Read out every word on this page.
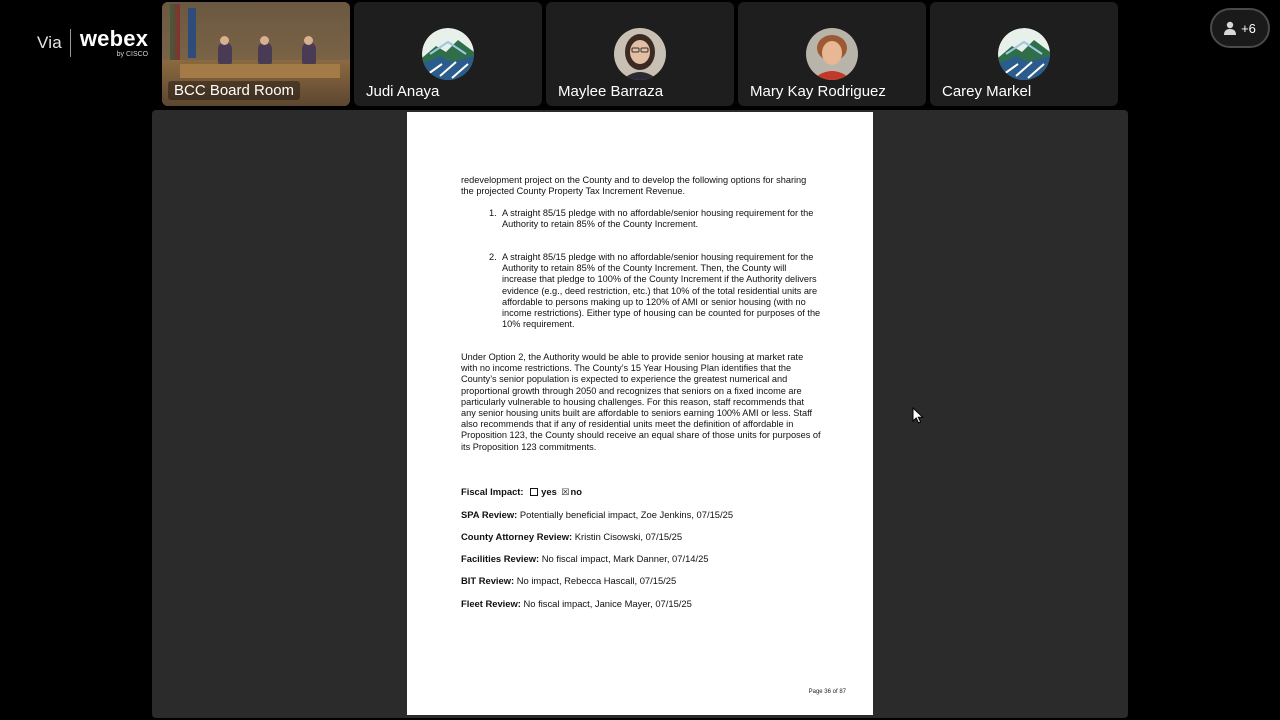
Via webex
by CISCO
BCC Board Room	Judi Anaya	Maylee Barraza	Mary Kay Rodriguez	Carey Markel
+6

redevelopment project on the County and to develop the following options for sharing the projected County Property Tax Increment Revenue.

1. A straight 85/15 pledge with no affordable/senior housing requirement for the Authority to retain 85% of the County Increment.

2. A straight 85/15 pledge with no affordable/senior housing requirement for the Authority to retain 85% of the County Increment. Then, the County will increase that pledge to 100% of the County Increment if the Authority delivers evidence (e.g., deed restriction, etc.) that 10% of the total residential units are affordable to persons making up to 120% of AMI or senior housing (with no income restrictions). Either type of housing can be counted for purposes of the 10% requirement.

Under Option 2, the Authority would be able to provide senior housing at market rate with no income restrictions. The County’s 15 Year Housing Plan identifies that the County’s senior population is expected to experience the greatest numerical and proportional growth through 2050 and recognizes that seniors on a fixed income are particularly vulnerable to housing challenges. For this reason, staff recommends that any senior housing units built are affordable to seniors earning 100% AMI or less. Staff also recommends that if any of residential units meet the definition of affordable in Proposition 123, the County should receive an equal share of those units for purposes of its Proposition 123 commitments.

Fiscal Impact: yes ☒no
SPA Review: Potentially beneficial impact, Zoe Jenkins, 07/15/25
County Attorney Review: Kristin Cisowski, 07/15/25
Facilities Review: No fiscal impact, Mark Danner, 07/14/25
BIT Review: No impact, Rebecca Hascall, 07/15/25
Fleet Review: No fiscal impact, Janice Mayer, 07/15/25
Page 36 of 87
